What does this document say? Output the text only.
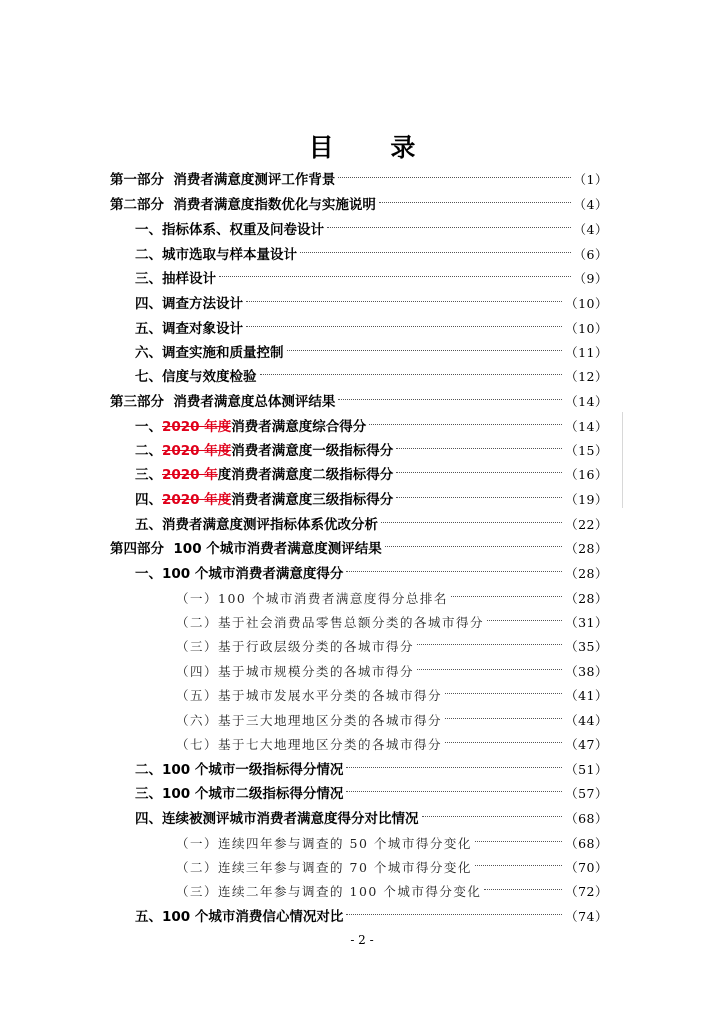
目 录
第一部分 消费者满意度测评工作背景	（1）
第二部分 消费者满意度指数优化与实施说明	（4）
一、指标体系、权重及问卷设计	（4）
二、城市选取与样本量设计	（6）
三、抽样设计	（9）
四、调查方法设计	（10）
五、调查对象设计	（10）
六、调查实施和质量控制	（11）
七、信度与效度检验	（12）
第三部分 消费者满意度总体测评结果	（14）
一、2020 年度消费者满意度综合得分	（14）
二、2020 年度消费者满意度一级指标得分	（15）
三、2020 年度消费者满意度二级指标得分	（16）
四、2020 年度消费者满意度三级指标得分	（19）
五、消费者满意度测评指标体系优改分析	（22）
第四部分 100 个城市消费者满意度测评结果	（28）
一、100 个城市消费者满意度得分	（28）
（一）100 个城市消费者满意度得分总排名	（28）
（二）基于社会消费品零售总额分类的各城市得分	（31）
（三）基于行政层级分类的各城市得分	（35）
（四）基于城市规模分类的各城市得分	（38）
（五）基于城市发展水平分类的各城市得分	（41）
（六）基于三大地理地区分类的各城市得分	（44）
（七）基于七大地理地区分类的各城市得分	（47）
二、100 个城市一级指标得分情况	（51）
三、100 个城市二级指标得分情况	（57）
四、连续被测评城市消费者满意度得分对比情况	（68）
（一）连续四年参与调查的 50 个城市得分变化	（68）
（二）连续三年参与调查的 70 个城市得分变化	（70）
（三）连续二年参与调查的 100 个城市得分变化	（72）
五、100 个城市消费信心情况对比	（74）
- 2 -
